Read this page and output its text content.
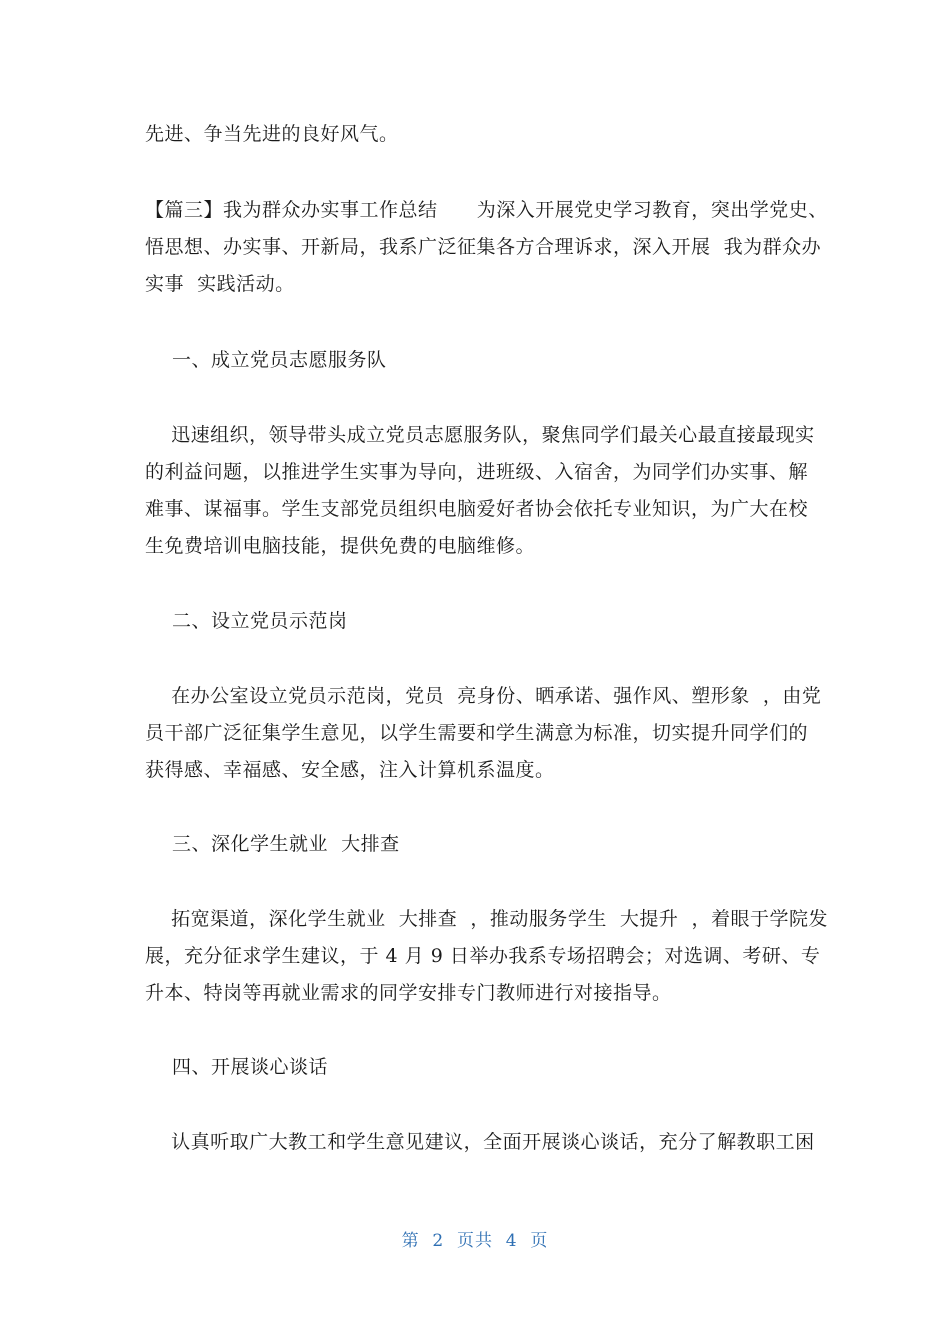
先进、争当先进的良好风气。
【篇三】我为群众办实事工作总结      为深入开展党史学习教育，突出学党史、
悟思想、办实事、开新局，我系广泛征集各方合理诉求，深入开展  我为群众办
实事  实践活动。
一、成立党员志愿服务队
迅速组织，领导带头成立党员志愿服务队，聚焦同学们最关心最直接最现实
的利益问题，以推进学生实事为导向，进班级、入宿舍，为同学们办实事、解
难事、谋福事。学生支部党员组织电脑爱好者协会依托专业知识，为广大在校
生免费培训电脑技能，提供免费的电脑维修。
二、设立党员示范岗
在办公室设立党员示范岗，党员  亮身份、晒承诺、强作风、塑形象  ，由党
员干部广泛征集学生意见，以学生需要和学生满意为标准，切实提升同学们的
获得感、幸福感、安全感，注入计算机系温度。
三、深化学生就业  大排查
拓宽渠道，深化学生就业  大排查  ，推动服务学生  大提升  ，着眼于学院发
展，充分征求学生建议，于 4 月 9 日举办我系专场招聘会；对选调、考研、专
升本、特岗等再就业需求的同学安排专门教师进行对接指导。
四、开展谈心谈话
认真听取广大教工和学生意见建议，全面开展谈心谈话，充分了解教职工困
第  2  页共  4  页
